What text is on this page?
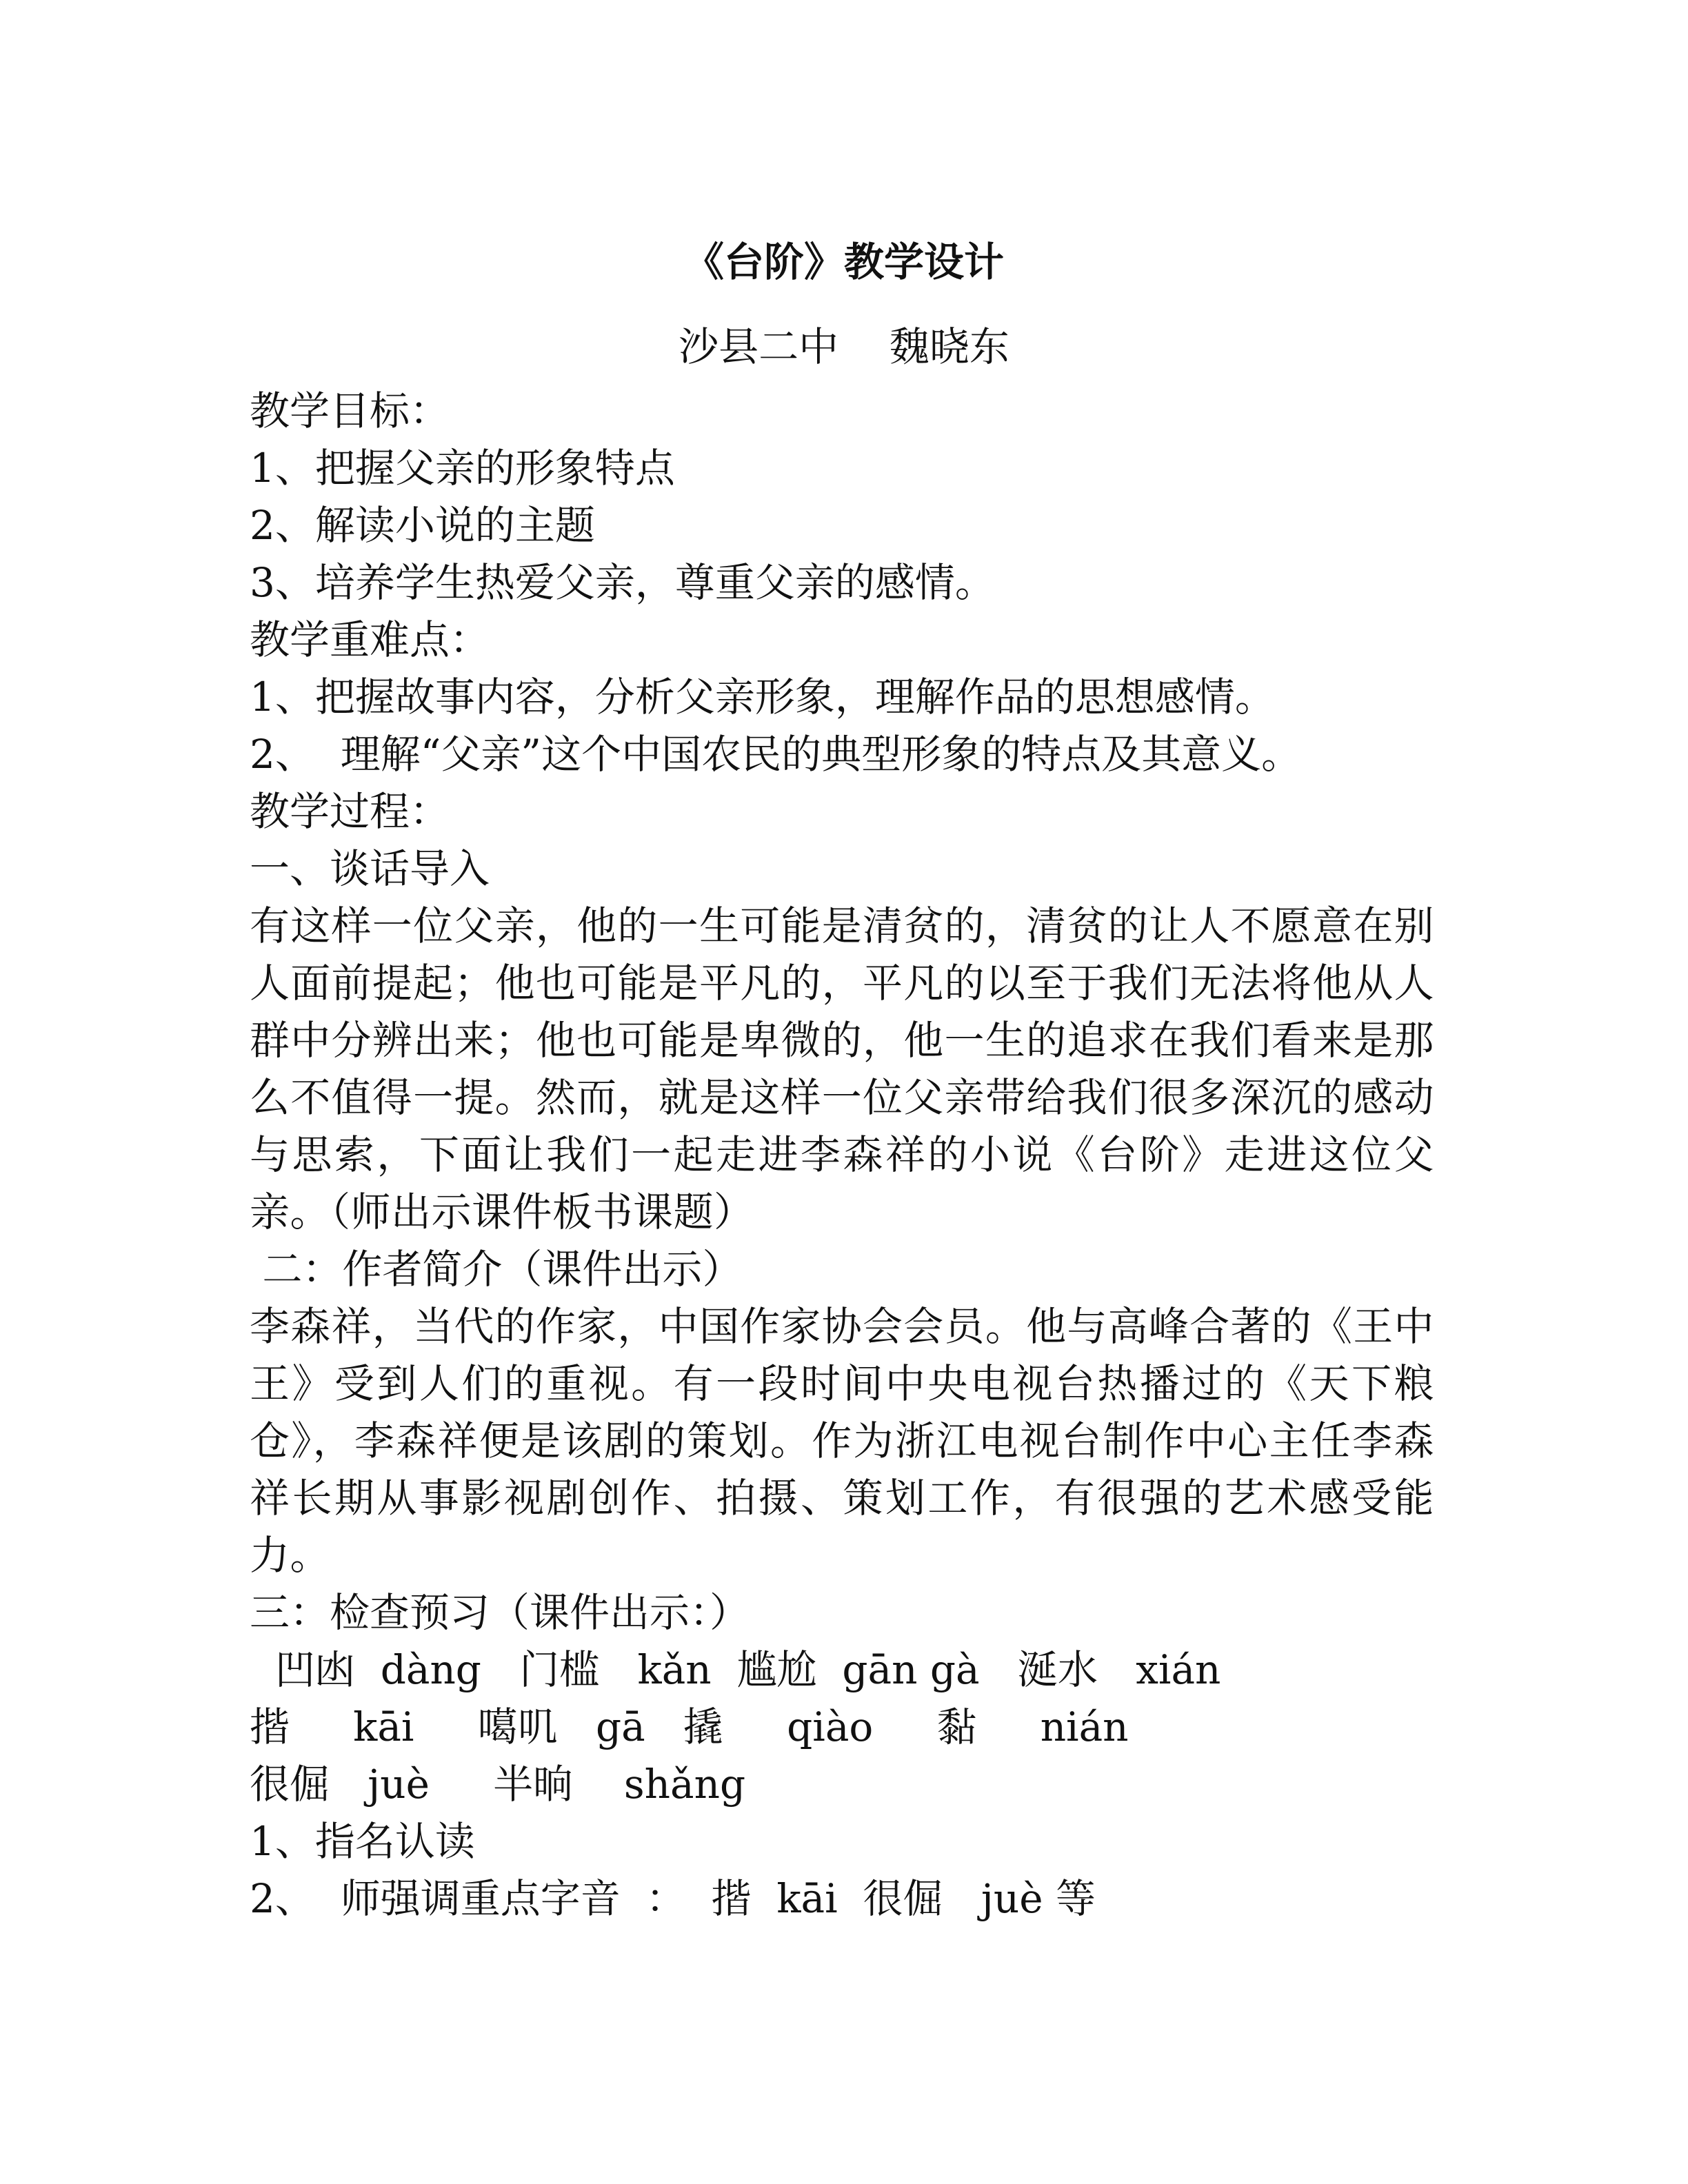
《台阶》教学设计
沙县二中    魏晓东
教学目标：
1、把握父亲的形象特点
2、解读小说的主题
3、培养学生热爱父亲，尊重父亲的感情。
教学重难点：
1、把握故事内容，分析父亲形象，理解作品的思想感情。
2、  理解“父亲”这个中国农民的典型形象的特点及其意义。
教学过程：
一、谈话导入

有这样一位父亲，他的一生可能是清贫的，清贫的让人不愿意在别人面前提起；他也可能是平凡的，平凡的以至于我们无法将他从人群中分辨出来；他也可能是卑微的，他一生的追求在我们看来是那么不值得一提。然而，就是这样一位父亲带给我们很多深沉的感动与思索，下面让我们一起走进李森祥的小说《台阶》走进这位父亲。（师出示课件板书课题）

二：作者简介（课件出示）

李森祥，当代的作家，中国作家协会会员。他与高峰合著的《王中王》受到人们的重视。有一段时间中央电视台热播过的《天下粮仓》，李森祥便是该剧的策划。作为浙江电视台制作中心主任李森祥长期从事影视剧创作、拍摄、策划工作，有很强的艺术感受能力。

三：检查预习（课件出示：）
凹凼  dàng   门槛   kǎn  尴尬  gān gà   涎水   xián
揩     kāi     噶叽   gā   撬     qiào     黏     nián
很倔   juè     半晌    shǎng
1、指名认读
2、  师强调重点字音  ：  揩  kāi  很倔   juè 等
